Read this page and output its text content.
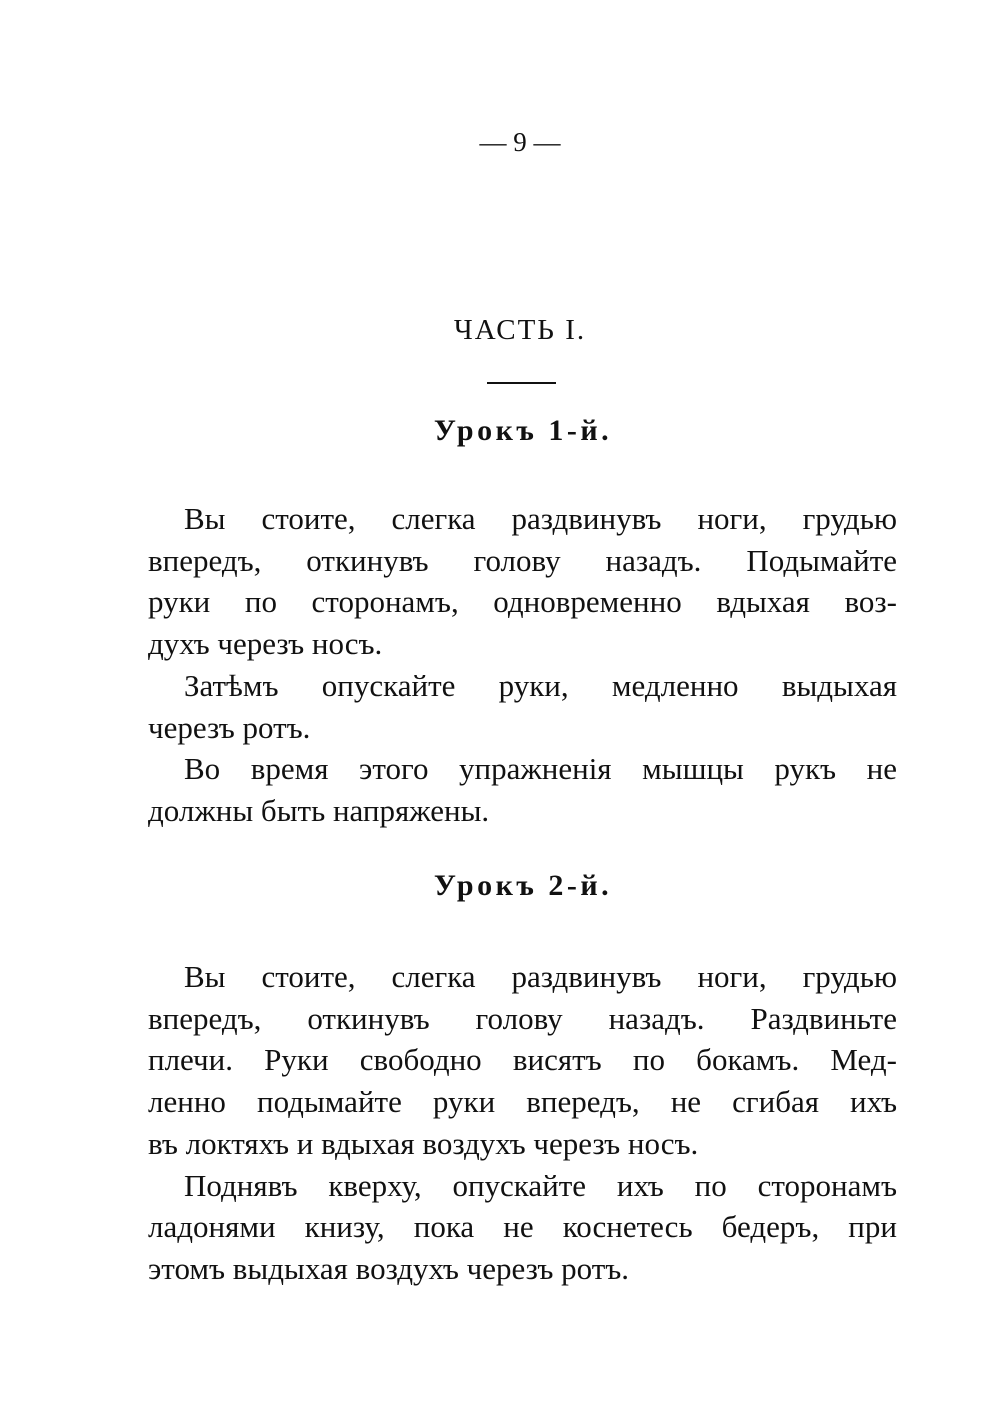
— 9 —
ЧАСТЬ I.
Урокъ 1-й.
Вы стоите, слегка раздвинувъ ноги, грудью
впередъ, откинувъ голову назадъ. Подымайте
руки по сторонамъ, одновременно вдыхая воз-
духъ черезъ носъ.
Затѣмъ опускайте руки, медленно выдыхая
черезъ ротъ.
Во время этого упражненія мышцы рукъ не
должны быть напряжены.
Урокъ 2-й.
Вы стоите, слегка раздвинувъ ноги, грудью
впередъ, откинувъ голову назадъ. Раздвиньте
плечи. Руки свободно висятъ по бокамъ. Мед-
ленно подымайте руки впередъ, не сгибая ихъ
въ локтяхъ и вдыхая воздухъ черезъ носъ.
Поднявъ кверху, опускайте ихъ по сторонамъ
ладонями книзу, пока не коснетесь бедеръ, при
этомъ выдыхая воздухъ черезъ ротъ.
